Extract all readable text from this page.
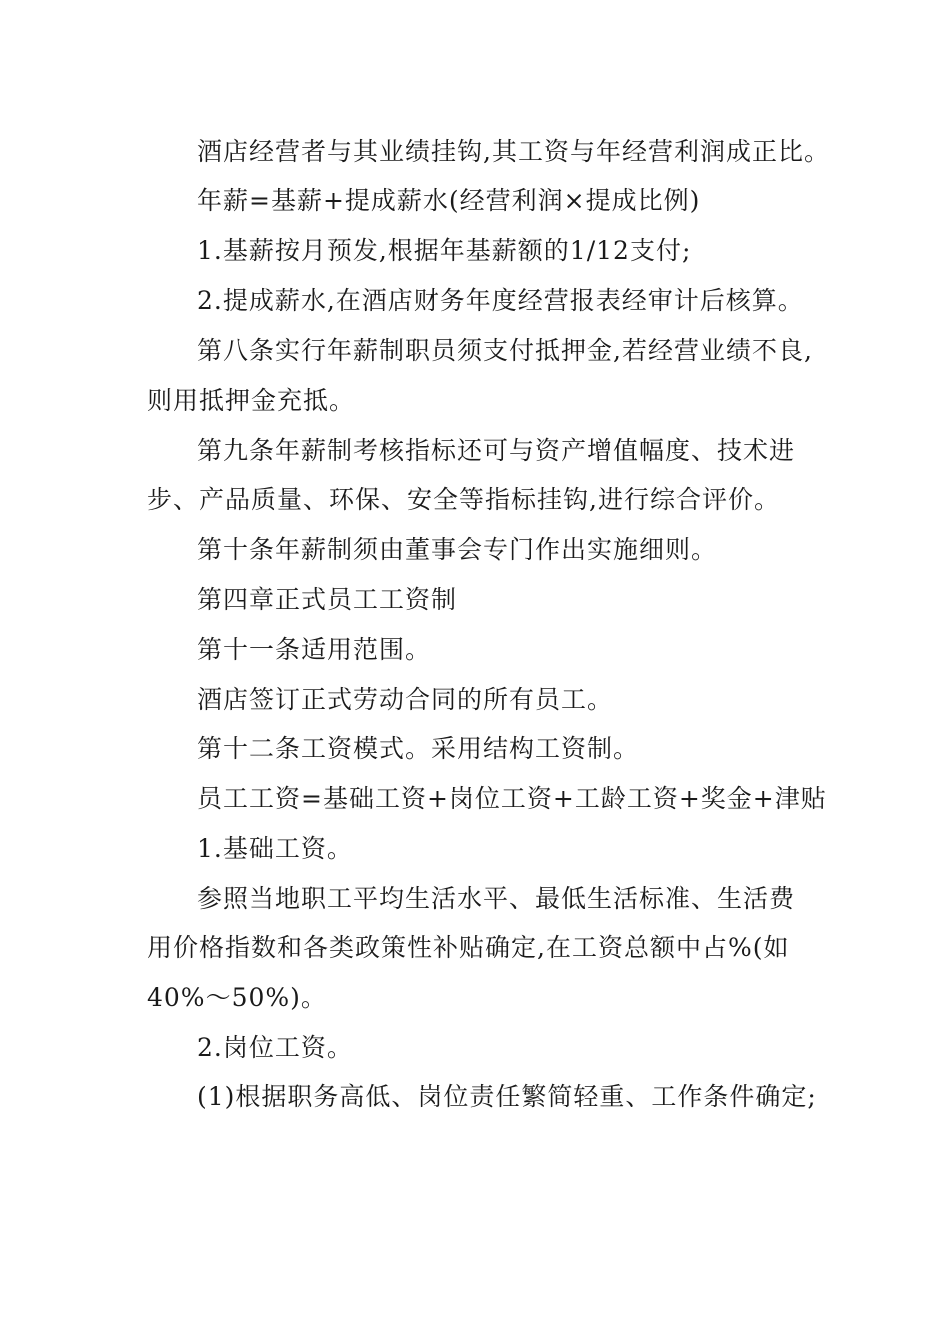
酒店经营者与其业绩挂钩,其工资与年经营利润成正比。
年薪=基薪+提成薪水(经营利润×提成比例)
1.基薪按月预发,根据年基薪额的1/12支付;
2.提成薪水,在酒店财务年度经营报表经审计后核算。
第八条实行年薪制职员须支付抵押金,若经营业绩不良,
则用抵押金充抵。
第九条年薪制考核指标还可与资产增值幅度、技术进
步、产品质量、环保、安全等指标挂钩,进行综合评价。
第十条年薪制须由董事会专门作出实施细则。
第四章正式员工工资制
第十一条适用范围。
酒店签订正式劳动合同的所有员工。
第十二条工资模式。采用结构工资制。
员工工资=基础工资+岗位工资+工龄工资+奖金+津贴
1.基础工资。
参照当地职工平均生活水平、最低生活标准、生活费
用价格指数和各类政策性补贴确定,在工资总额中占%(如
40%～50%)。
2.岗位工资。
(1)根据职务高低、岗位责任繁简轻重、工作条件确定;
